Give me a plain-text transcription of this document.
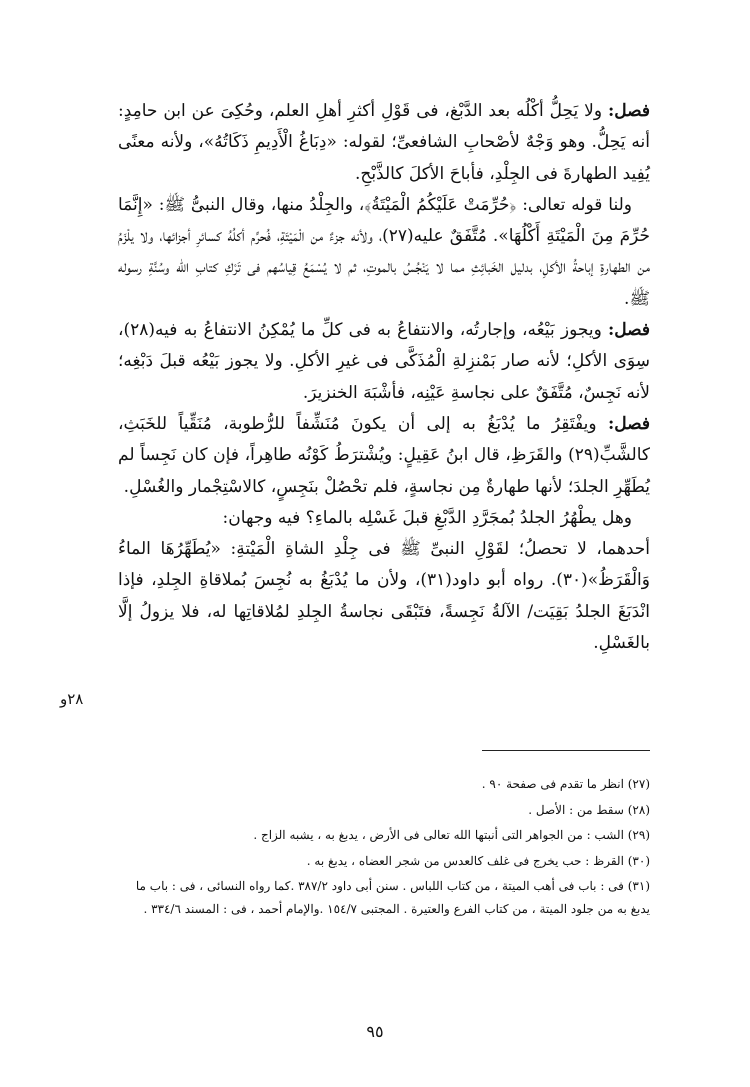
فصل: ولا يَحِلُّ أكْلُه بعد الدَّبْغ، فى قَوْلِ أكثرِ أهلِ العلم، وحُكِىَ عن ابن حامِدٍ: أنه يَحِلُّ. وهو وَجْهٌ لأصْحابِ الشافعىِّ؛ لقوله: «دِبَاغُ الْأَدِيمِ ذَكَاتُهُ»، ولأنه معنًى يُفِيد الطهارةَ فى الجِلْدِ، فأباحَ الأكلَ كالذَّبْحِ.

ولنا قوله تعالى: ﴿حُرِّمَتْ عَلَيْكُمُ الْمَيْتَةُ﴾، والجِلْدُ منها، وقال النبىُّ ﷺ: «إِنَّمَا حُرِّمَ مِنَ الْمَيْتَةِ أَكْلُهَا». مُتَّفَقٌ عليه(٢٧)، ولأنه جزءٌ من الْمَيْتَةِ، فُحرِّم أكلُهُ كسائرِ أجزائها، ولا يلْزَمُ من الطهارةِ إباحةُ الأكلِ، بدليل الخَبائِثِ مما لا يَنْجُسُ بالموتِ، ثم لا يُسْمَعُ قِياسُهم فى تَرْكِ كتابِ الله وسُنَّةِ رسوله ﷺ.

فصل: ويجوز بَيْعُه، وإجارتُه، والانتفاعُ به فى كلِّ ما يُمْكِنُ الانتفاعُ به فيه(٢٨)، سِوَى الأكلِ؛ لأنه صار بَمْنزِلةِ الْمُذَكَّى فى غيرِ الأكلِ. ولا يجوز بَيْعُه قبلَ دَبْغِه؛ لأنه نَجِسٌ، مُتَّفَقٌ على نجاسةِ عَيْنِه، فأشْبَهَ الخنزيرَ.

فصل: ويفْتَقِرُ ما يُدْبَغُ به إلى أن يكونَ مُنَشِّفاً للرُّطوبة، مُنَقِّياً للخَبَثِ، كالشَّبِّ(٢٩) والقَرَظِ، قال ابنُ عَقِيلٍ: ويُشْترَطُ كَوْنُه طاهِراً، فإن كان نَجِساً لم يُطَهِّرِ الجلدَ؛ لأنها طهارةٌ مِن نجاسةٍ، فلم تحْصُلْ بنَجِسٍ، كالاسْتِجْمار والغُسْلِ.

وهل يطْهُرُ الجلدُ بُمجَرَّدِ الدَّبْغِ قبلَ غَسْلِه بالماءِ؟ فيه وجهان:

أحدهما، لا تحصلُ؛ لقَوْلِ النبىِّ ﷺ فى جِلْدِ الشاةِ الْمَيْتةِ: «يُطَهِّرُهَا الماءُ وَالْقَرَظُ»(٣٠). رواه أبو داود(٣١)، ولأن ما يُدْبَغُ به نُجِسَ بُملاقاةِ الجِلدِ، فإذا انْدَبَغَ الجلدُ بَقِيَت/ الآلةُ نَجِسةً، فتَبْقَى نجاسةُ الجِلدِ لمُلاقاتِها له، فلا يزولُ إلَّا بالغَسْلِ.

٢٨و

(٢٧) انظر ما تقدم فى صفحة ٩٠ .

(٢٨) سقط من : الأصل .

(٢٩) الشب : من الجواهر التى أنبتها الله تعالى فى الأرض ، يدبغ به ، يشبه الزاج .

(٣٠) القرظ : حب يخرج فى غلف كالعدس من شجر العضاه ، يدبغ به .

(٣١) فى : باب فى أهب الميتة ، من كتاب اللباس . سنن أبى داود ٣٨٧/٢ .كما رواه النسائى ، فى : باب ما يدبغ به من جلود الميتة ، من كتاب الفرع والعتيرة . المجتبى ١٥٤/٧ .والإمام أحمد ، فى : المسند ٣٣٤/٦ .

٩٥
